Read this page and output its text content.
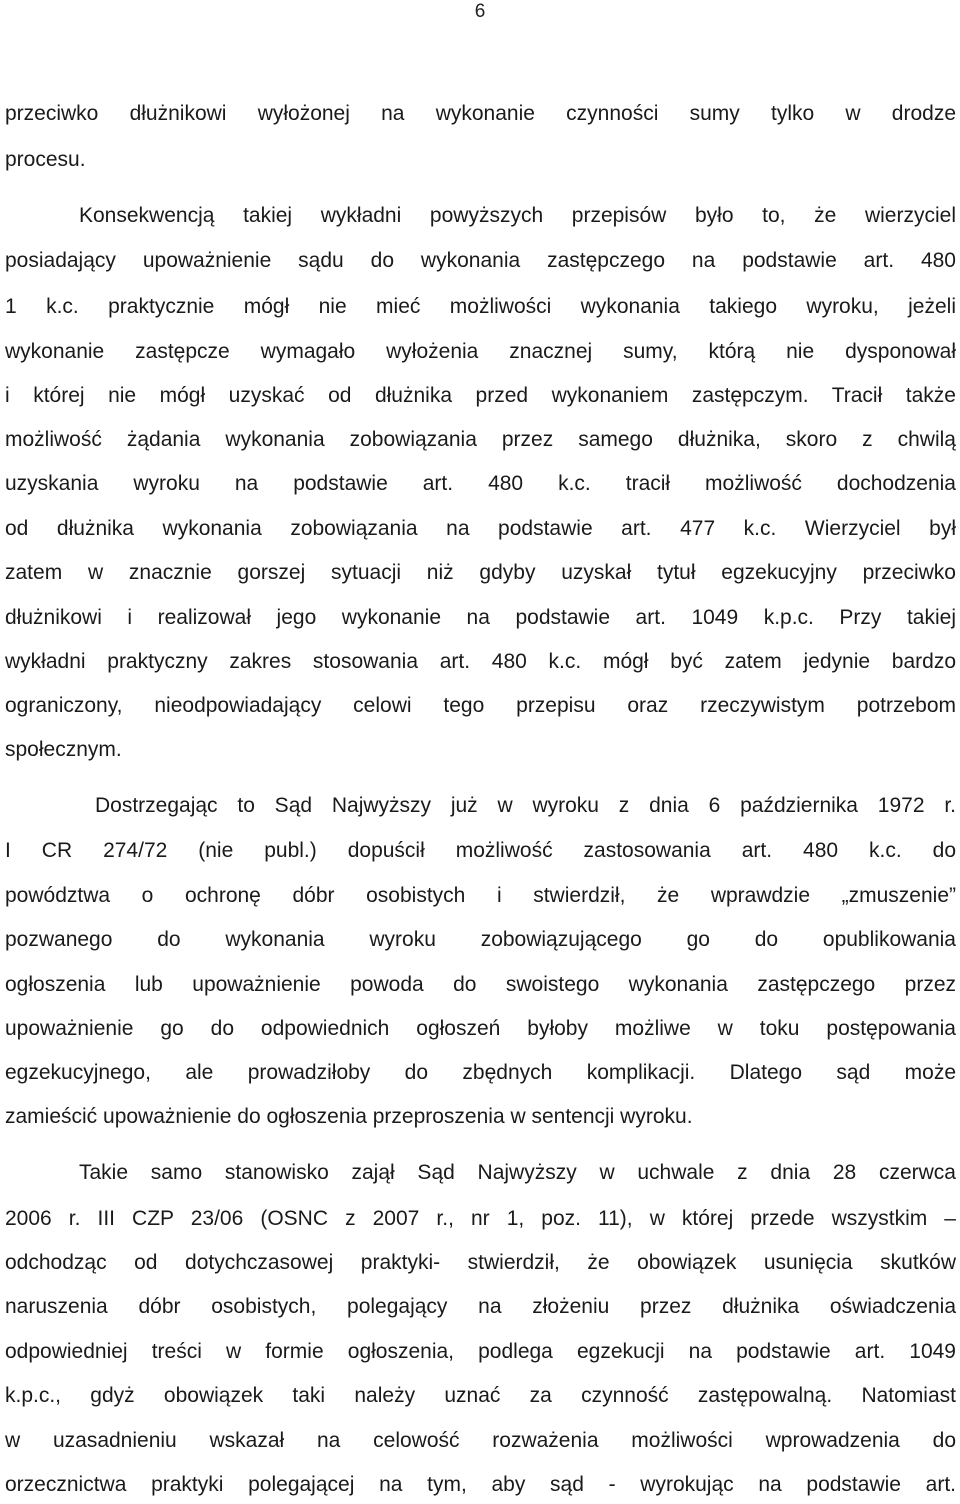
6
przeciwko dłużnikowi wyłożonej na wykonanie czynności sumy tylko w drodze
procesu.
Konsekwencją takiej wykładni powyższych przepisów było to, że wierzyciel
posiadający upoważnienie sądu do wykonania zastępczego na podstawie art. 480
1 k.c. praktycznie mógł nie mieć możliwości wykonania takiego wyroku, jeżeli
wykonanie zastępcze wymagało wyłożenia znacznej sumy, którą nie dysponował
i której nie mógł uzyskać od dłużnika przed wykonaniem zastępczym. Tracił także
możliwość żądania wykonania zobowiązania przez samego dłużnika, skoro z chwilą
uzyskania wyroku na podstawie art. 480 k.c. tracił możliwość dochodzenia
od dłużnika wykonania zobowiązania na podstawie art. 477 k.c. Wierzyciel był
zatem w znacznie gorszej sytuacji niż gdyby uzyskał tytuł egzekucyjny przeciwko
dłużnikowi i realizował jego wykonanie na podstawie art. 1049 k.p.c. Przy takiej
wykładni praktyczny zakres stosowania art. 480 k.c. mógł być zatem jedynie bardzo
ograniczony, nieodpowiadający celowi tego przepisu oraz rzeczywistym potrzebom
społecznym.
Dostrzegając to Sąd Najwyższy już w wyroku z dnia 6 października 1972 r.
I CR 274/72 (nie publ.) dopuścił możliwość zastosowania art. 480 k.c. do
powództwa o ochronę dóbr osobistych i stwierdził, że wprawdzie „zmuszenie”
pozwanego do wykonania wyroku zobowiązującego go do opublikowania
ogłoszenia lub upoważnienie powoda do swoistego wykonania zastępczego przez
upoważnienie go do odpowiednich ogłoszeń byłoby możliwe w toku postępowania
egzekucyjnego, ale prowadziłoby do zbędnych komplikacji. Dlatego sąd może
zamieścić upoważnienie do ogłoszenia przeproszenia w sentencji wyroku.
Takie samo stanowisko zajął Sąd Najwyższy w uchwale z dnia 28 czerwca
2006 r. III CZP 23/06 (OSNC z 2007 r., nr 1, poz. 11), w której przede wszystkim –
odchodząc od dotychczasowej praktyki- stwierdził, że obowiązek usunięcia skutków
naruszenia dóbr osobistych, polegający na złożeniu przez dłużnika oświadczenia
odpowiedniej treści w formie ogłoszenia, podlega egzekucji na podstawie art. 1049
k.p.c., gdyż obowiązek taki należy uznać za czynność zastępowalną. Natomiast
w uzasadnieniu wskazał na celowość rozważenia możliwości wprowadzenia do
orzecznictwa praktyki polegającej na tym, aby sąd - wyrokując na podstawie art.
